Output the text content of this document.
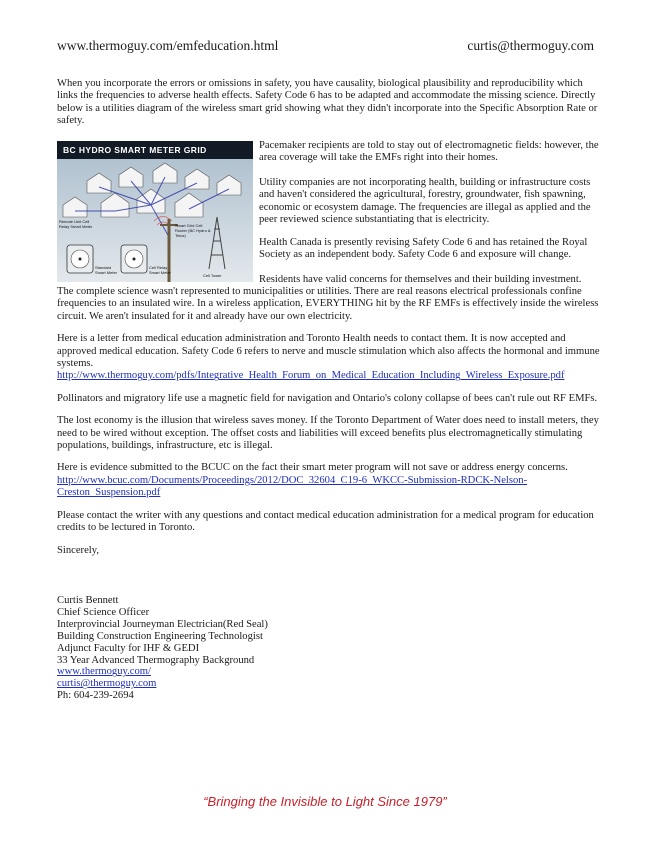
www.thermoguy.com/emfeducation.html	curtis@thermoguy.com

When you incorporate the errors or omissions in safety, you have causality, biological plausibility and reproducibility which links the frequencies to adverse health effects. Safety Code 6 has to be adapted and accommodate the missing science. Directly below is a utilities diagram of the wireless smart grid showing what they didn't incorporate into the Specific Absorption Rate or safety.

BC HYDRO SMART METER GRID
Remote Unit Cell Relay Smart Meter	Smart Grid Cell Router (BC Hydro & Telus)
Cell Tower
Standard Smart Meter
Cell Relay Smart Meter

Pacemaker recipients are told to stay out of electromagnetic fields: however, the area coverage will take the EMFs right into their homes.

Utility companies are not incorporating health, building or infrastructure costs and haven't considered the agricultural, forestry, groundwater, fish spawning, economic or ecosystem damage. The frequencies are illegal as applied and the peer reviewed science substantiating that is electricity.

Health Canada is presently revising Safety Code 6 and has retained the Royal Society as an independent body. Safety Code 6 and exposure will change.

Residents have valid concerns for themselves and their building investment.

The complete science wasn't represented to municipalities or utilities. There are real reasons electrical professionals confine frequencies to an insulated wire. In a wireless application, EVERYTHING hit by the RF EMFs is effectively inside the wireless circuit. We aren't insulated for it and already have our own electricity.

Here is a letter from medical education administration and Toronto Health needs to contact them. It is now accepted and approved medical education. Safety Code 6 refers to nerve and muscle stimulation which also affects the hormonal and immune systems.

http://www.thermoguy.com/pdfs/Integrative_Health_Forum_on_Medical_Education_Including_Wireless_Exposure.pdf

Pollinators and migratory life use a magnetic field for navigation and Ontario's colony collapse of bees can't rule out RF EMFs.

The lost economy is the illusion that wireless saves money. If the Toronto Department of Water does need to install meters, they need to be wired without exception. The offset costs and liabilities will exceed benefits plus electromagnetically stimulating populations, buildings, infrastructure, etc is illegal.

Here is evidence submitted to the BCUC on the fact their smart meter program will not save or address energy concerns.

http://www.bcuc.com/Documents/Proceedings/2012/DOC_32604_C19-6_WKCC-Submission-RDCK-Nelson-Creston_Suspension.pdf

Please contact the writer with any questions and contact medical education administration for a medical program for education credits to be lectured in Toronto.

Sincerely,

Curtis Bennett
Chief Science Officer
Interprovincial Journeyman Electrician(Red Seal)
Building Construction Engineering Technologist
Adjunct Faculty for IHF & GEDI
33 Year Advanced Thermography Background
www.thermoguy.com/
curtis@thermoguy.com
Ph: 604-239-2694
“Bringing the Invisible to Light Since 1979”
